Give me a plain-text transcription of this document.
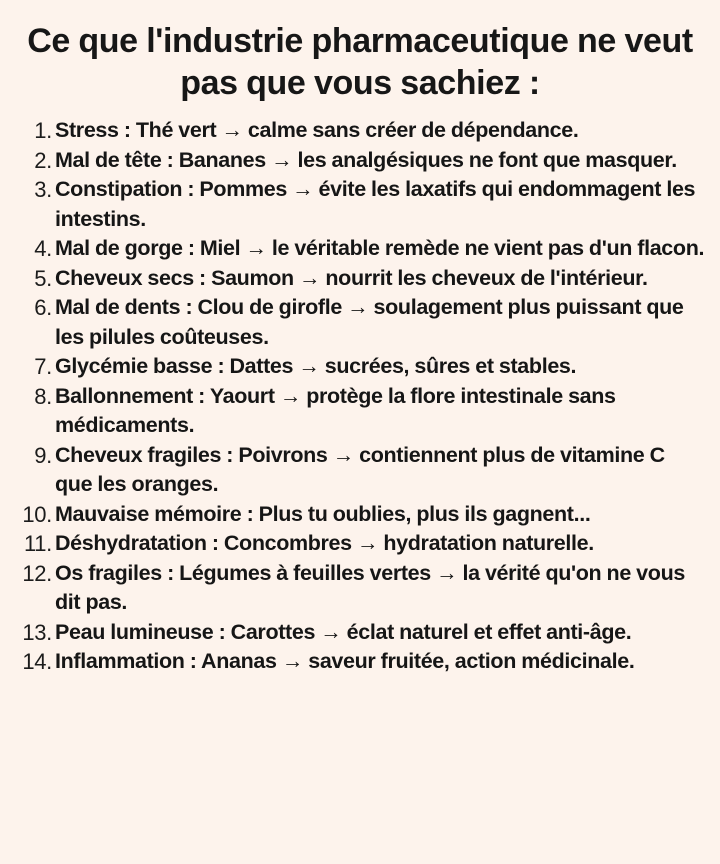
Ce que l'industrie pharmaceutique ne veut pas que vous sachiez :
1. Stress : Thé vert → calme sans créer de dépendance.
2. Mal de tête : Bananes → les analgésiques ne font que masquer.
3. Constipation : Pommes → évite les laxatifs qui endommagent les intestins.
4. Mal de gorge : Miel → le véritable remède ne vient pas d'un flacon.
5. Cheveux secs : Saumon → nourrit les cheveux de l'intérieur.
6. Mal de dents : Clou de girofle → soulagement plus puissant que les pilules coûteuses.
7. Glycémie basse : Dattes → sucrées, sûres et stables.
8. Ballonnement : Yaourt → protège la flore intestinale sans médicaments.
9. Cheveux fragiles : Poivrons → contiennent plus de vitamine C que les oranges.
10. Mauvaise mémoire : Plus tu oublies, plus ils gagnent...
11. Déshydratation : Concombres → hydratation naturelle.
12. Os fragiles : Légumes à feuilles vertes → la vérité qu'on ne vous dit pas.
13. Peau lumineuse : Carottes → éclat naturel et effet anti-âge.
14. Inflammation : Ananas → saveur fruitée, action médicinale.
